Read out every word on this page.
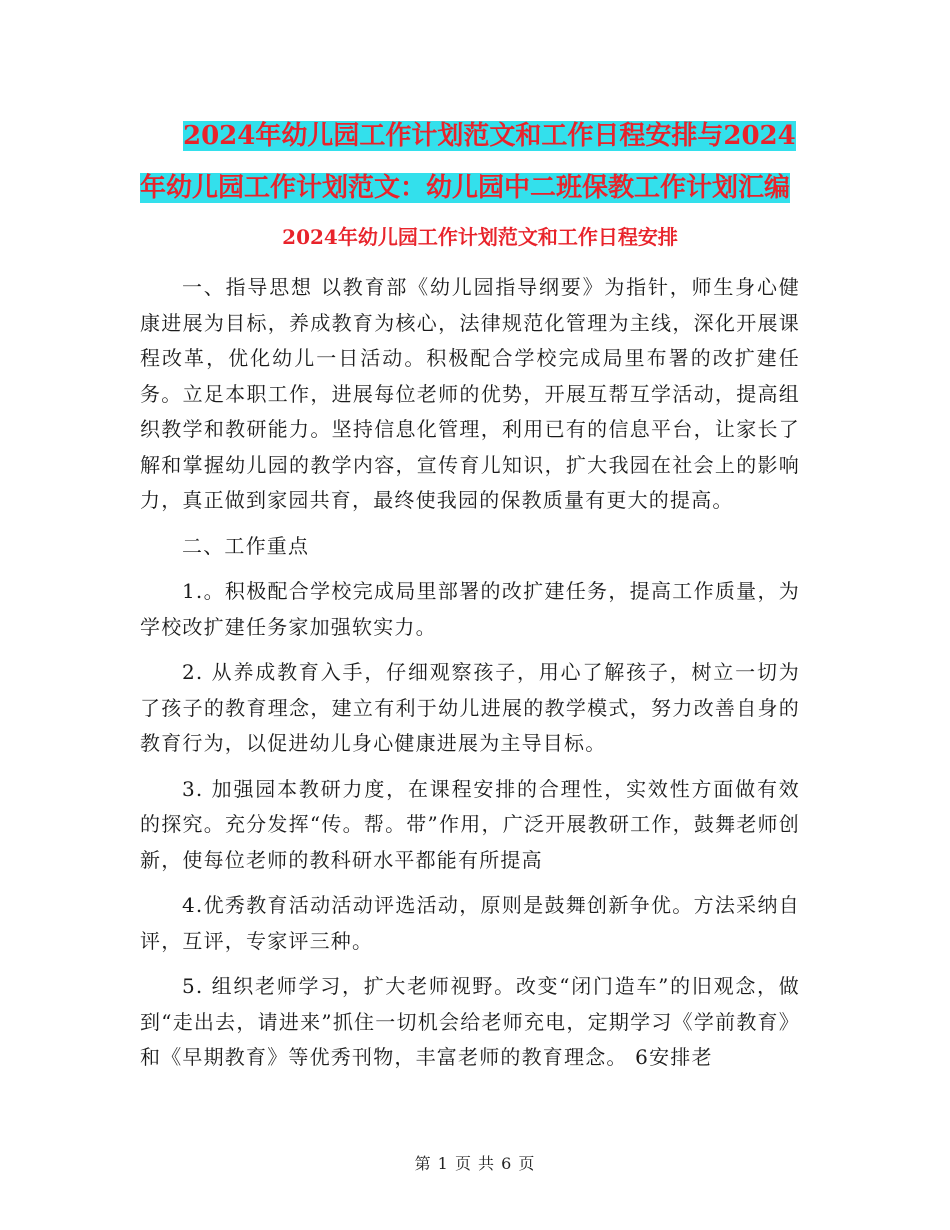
2024年幼儿园工作计划范文和工作日程安排与2024年幼儿园工作计划范文：幼儿园中二班保教工作计划汇编
2024年幼儿园工作计划范文和工作日程安排

一、指导思想 以教育部《幼儿园指导纲要》为指针，师生身心健康进展为目标，养成教育为核心，法律规范化管理为主线，深化开展课程改革，优化幼儿一日活动。积极配合学校完成局里布署的改扩建任务。立足本职工作，进展每位老师的优势，开展互帮互学活动，提高组织教学和教研能力。坚持信息化管理，利用已有的信息平台，让家长了解和掌握幼儿园的教学内容，宣传育儿知识，扩大我园在社会上的影响力，真正做到家园共育，最终使我园的保教质量有更大的提高。

二、工作重点

1.。积极配合学校完成局里部署的改扩建任务，提高工作质量，为学校改扩建任务家加强软实力。

2. 从养成教育入手，仔细观察孩子，用心了解孩子，树立一切为了孩子的教育理念，建立有利于幼儿进展的教学模式，努力改善自身的教育行为，以促进幼儿身心健康进展为主导目标。

3. 加强园本教研力度，在课程安排的合理性，实效性方面做有效的探究。充分发挥“传。帮。带”作用，广泛开展教研工作，鼓舞老师创新，使每位老师的教科研水平都能有所提高

4.优秀教育活动活动评选活动，原则是鼓舞创新争优。方法采纳自评，互评，专家评三种。

5. 组织老师学习，扩大老师视野。改变“闭门造车”的旧观念，做到“走出去，请进来”抓住一切机会给老师充电，定期学习《学前教育》和《早期教育》等优秀刊物，丰富老师的教育理念。 6安排老

第 1 页 共 6 页
